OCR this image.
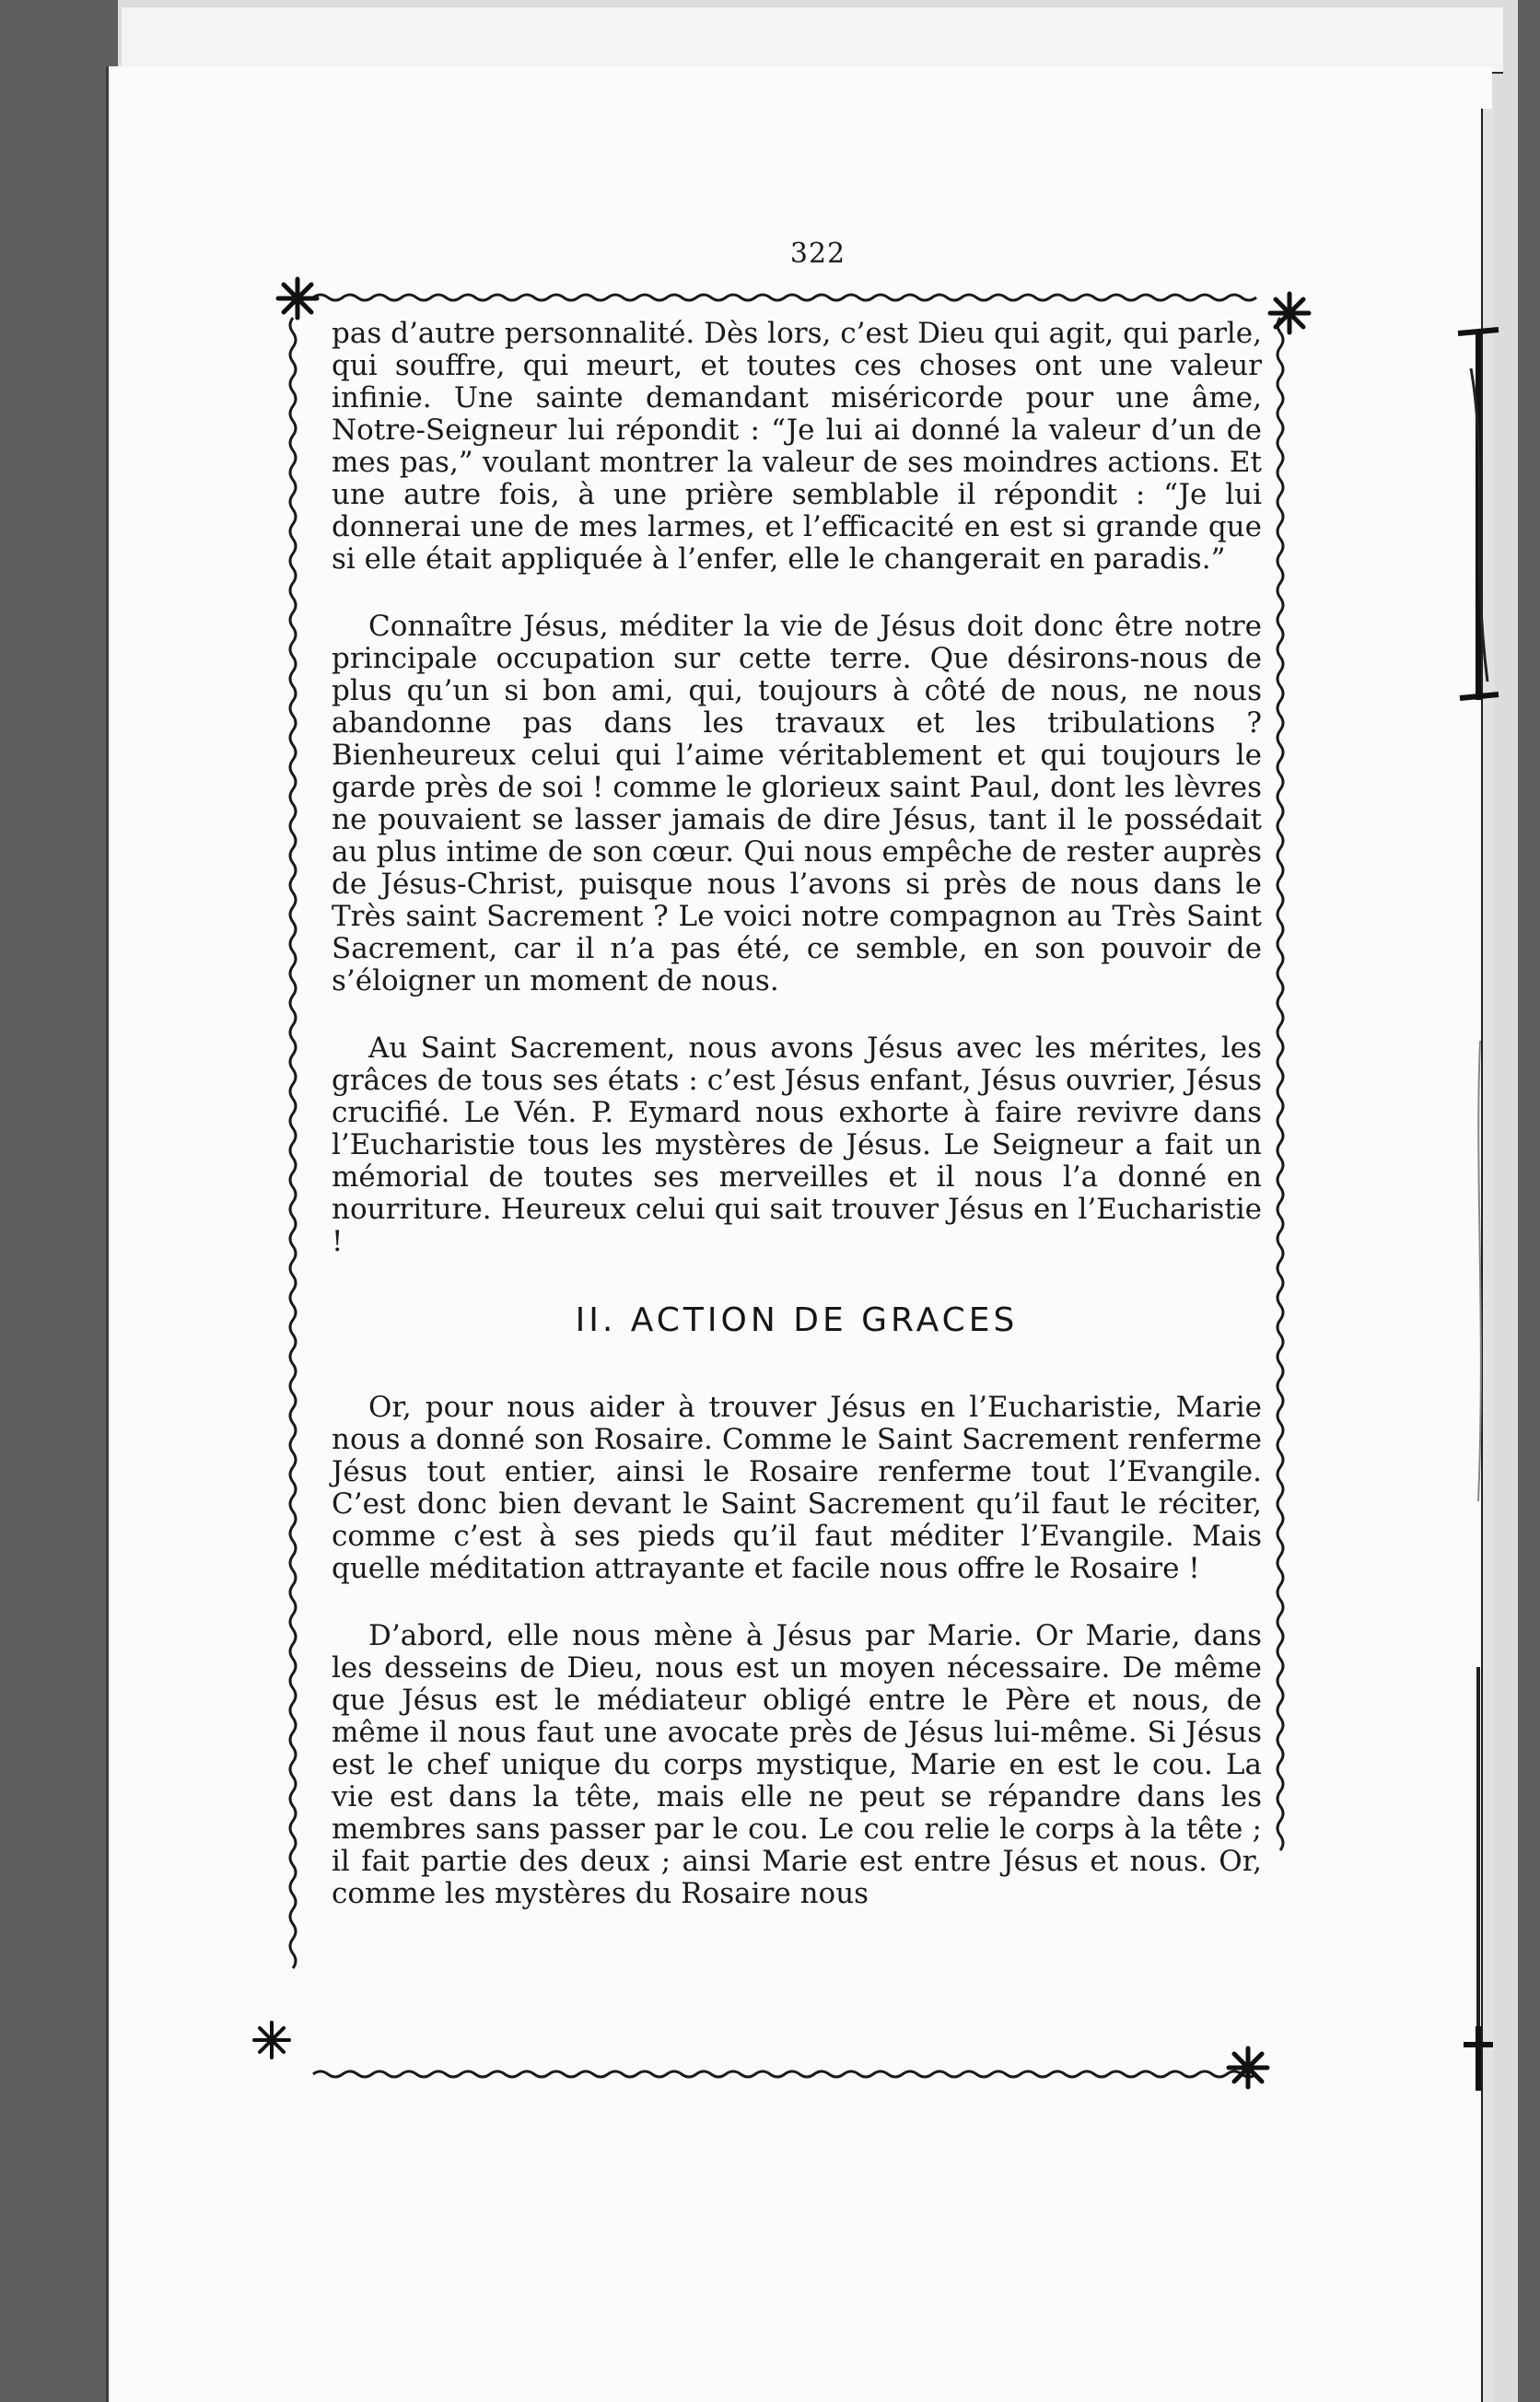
322

pas d’autre personnalité. Dès lors, c’est Dieu qui agit, qui parle, qui souffre, qui meurt, et toutes ces choses ont une valeur infinie. Une sainte demandant miséricorde pour une âme, Notre-Seigneur lui répondit : “Je lui ai donné la valeur d’un de mes pas,” voulant montrer la valeur de ses moindres actions. Et une autre fois, à une prière semblable il répondit : “Je lui donnerai une de mes larmes, et l’efficacité en est si grande que si elle était appliquée à l’enfer, elle le changerait en paradis.”

Connaître Jésus, méditer la vie de Jésus doit donc être notre principale occupation sur cette terre. Que désirons-nous de plus qu’un si bon ami, qui, toujours à côté de nous, ne nous abandonne pas dans les travaux et les tribulations ? Bienheureux celui qui l’aime véritablement et qui toujours le garde près de soi ! comme le glorieux saint Paul, dont les lèvres ne pouvaient se lasser jamais de dire Jésus, tant il le possédait au plus intime de son cœur. Qui nous empêche de rester auprès de Jésus-Christ, puisque nous l’avons si près de nous dans le Très saint Sacrement ? Le voici notre compagnon au Très Saint Sacrement, car il n’a pas été, ce semble, en son pouvoir de s’éloigner un moment de nous.

Au Saint Sacrement, nous avons Jésus avec les mérites, les grâces de tous ses états : c’est Jésus enfant, Jésus ouvrier, Jésus crucifié. Le Vén. P. Eymard nous exhorte à faire revivre dans l’Eucharistie tous les mystères de Jésus. Le Seigneur a fait un mémorial de toutes ses merveilles et il nous l’a donné en nourriture. Heureux celui qui sait trouver Jésus en l’Eucharistie !

II. ACTION DE GRACES

Or, pour nous aider à trouver Jésus en l’Eucharistie, Marie nous a donné son Rosaire. Comme le Saint Sacrement renferme Jésus tout entier, ainsi le Rosaire renferme tout l’Evangile. C’est donc bien devant le Saint Sacrement qu’il faut le réciter, comme c’est à ses pieds qu’il faut méditer l’Evangile. Mais quelle méditation attrayante et facile nous offre le Rosaire !

D’abord, elle nous mène à Jésus par Marie. Or Marie, dans les desseins de Dieu, nous est un moyen nécessaire. De même que Jésus est le médiateur obligé entre le Père et nous, de même il nous faut une avocate près de Jésus lui-même. Si Jésus est le chef unique du corps mystique, Marie en est le cou. La vie est dans la tête, mais elle ne peut se répandre dans les membres sans passer par le cou. Le cou relie le corps à la tête ; il fait partie des deux ; ainsi Marie est entre Jésus et nous. Or, comme les mystères du Rosaire nous
